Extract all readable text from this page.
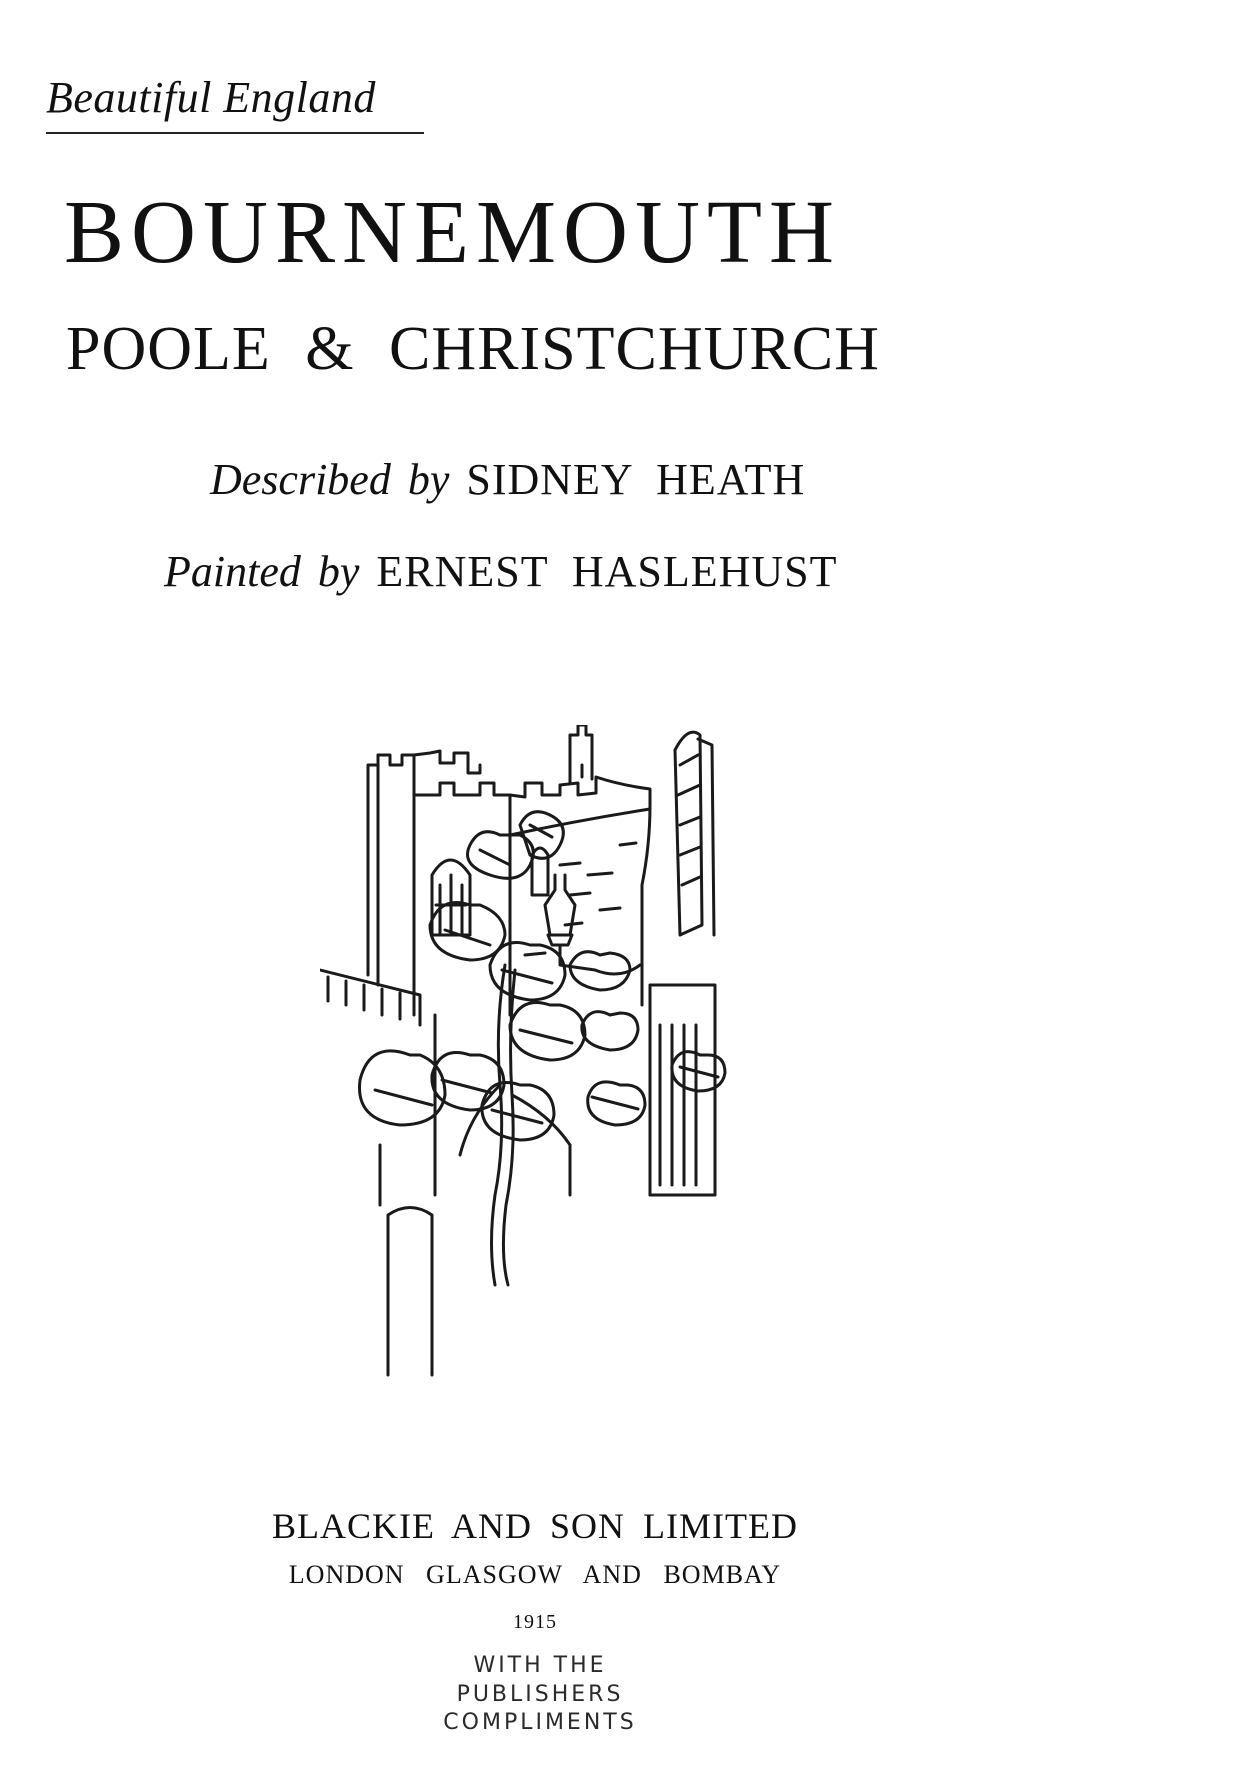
Beautiful England
BOURNEMOUTH
POOLE & CHRISTCHURCH
Described by SIDNEY HEATH
Painted by ERNEST HASLEHUST
BLACKIE AND SON LIMITED
LONDON GLASGOW AND BOMBAY
1915
WITH THE
PUBLISHERS
COMPLIMENTS
